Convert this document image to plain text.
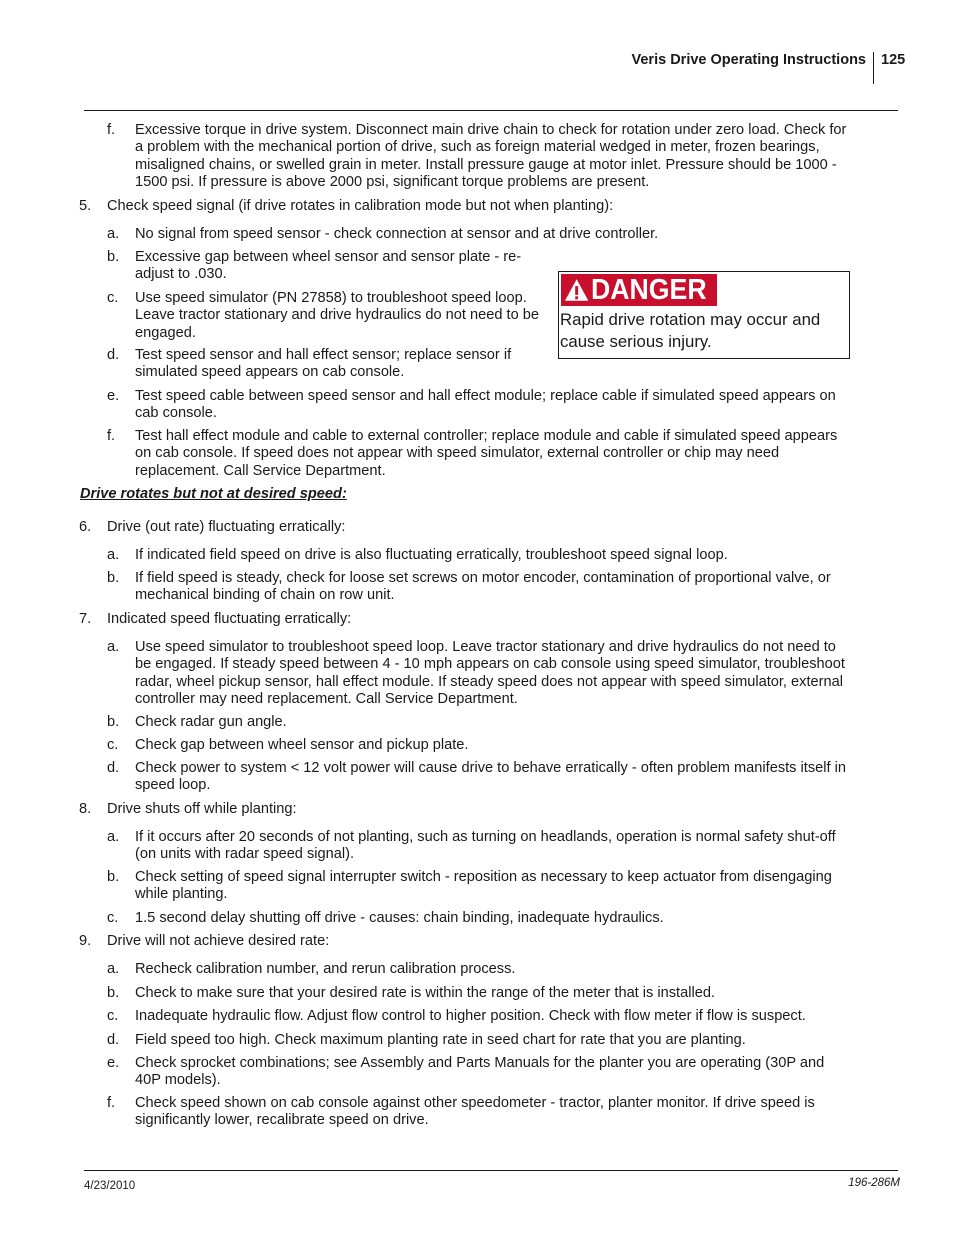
Veris Drive Operating Instructions 125
f. Excessive torque in drive system. Disconnect main drive chain to check for rotation under zero load. Check for a problem with the mechanical portion of drive, such as foreign material wedged in meter, frozen bearings, misaligned chains, or swelled grain in meter. Install pressure gauge at motor inlet. Pressure should be 1000 - 1500 psi. If pressure is above 2000 psi, significant torque problems are present.
5. Check speed signal (if drive rotates in calibration mode but not when planting):
a. No signal from speed sensor - check connection at sensor and at drive controller.
b. Excessive gap between wheel sensor and sensor plate - re-adjust to .030.
c. Use speed simulator (PN 27858) to troubleshoot speed loop. Leave tractor stationary and drive hydraulics do not need to be engaged.
d. Test speed sensor and hall effect sensor; replace sensor if simulated speed appears on cab console.
e. Test speed cable between speed sensor and hall effect module; replace cable if simulated speed appears on cab console.
f. Test hall effect module and cable to external controller; replace module and cable if simulated speed appears on cab console. If speed does not appear with speed simulator, external controller or chip may need replacement. Call Service Department.
6. Drive (out rate) fluctuating erratically:
a. If indicated field speed on drive is also fluctuating erratically, troubleshoot speed signal loop.
b. If field speed is steady, check for loose set screws on motor encoder, contamination of proportional valve, or mechanical binding of chain on row unit.
7. Indicated speed fluctuating erratically:
a. Use speed simulator to troubleshoot speed loop. Leave tractor stationary and drive hydraulics do not need to be engaged. If steady speed between 4 - 10 mph appears on cab console using speed simulator, troubleshoot radar, wheel pickup sensor, hall effect module. If steady speed does not appear with speed simulator, external controller may need replacement. Call Service Department.
b. Check radar gun angle.
c. Check gap between wheel sensor and pickup plate.
d. Check power to system < 12 volt power will cause drive to behave erratically - often problem manifests itself in speed loop.
8. Drive shuts off while planting:
a. If it occurs after 20 seconds of not planting, such as turning on headlands, operation is normal safety shut-off (on units with radar speed signal).
b. Check setting of speed signal interrupter switch - reposition as necessary to keep actuator from disengaging while planting.
c. 1.5 second delay shutting off drive - causes: chain binding, inadequate hydraulics.
9. Drive will not achieve desired rate:
a. Recheck calibration number, and rerun calibration process.
b. Check to make sure that your desired rate is within the range of the meter that is installed.
c. Inadequate hydraulic flow. Adjust flow control to higher position. Check with flow meter if flow is suspect.
d. Field speed too high. Check maximum planting rate in seed chart for rate that you are planting.
e. Check sprocket combinations; see Assembly and Parts Manuals for the planter you are operating (30P and 40P models).
f. Check speed shown on cab console against other speedometer - tractor, planter monitor. If drive speed is significantly lower, recalibrate speed on drive.
Drive rotates but not at desired speed:
DANGER
Rapid drive rotation may occur and cause serious injury.
4/23/2010	196-286M
